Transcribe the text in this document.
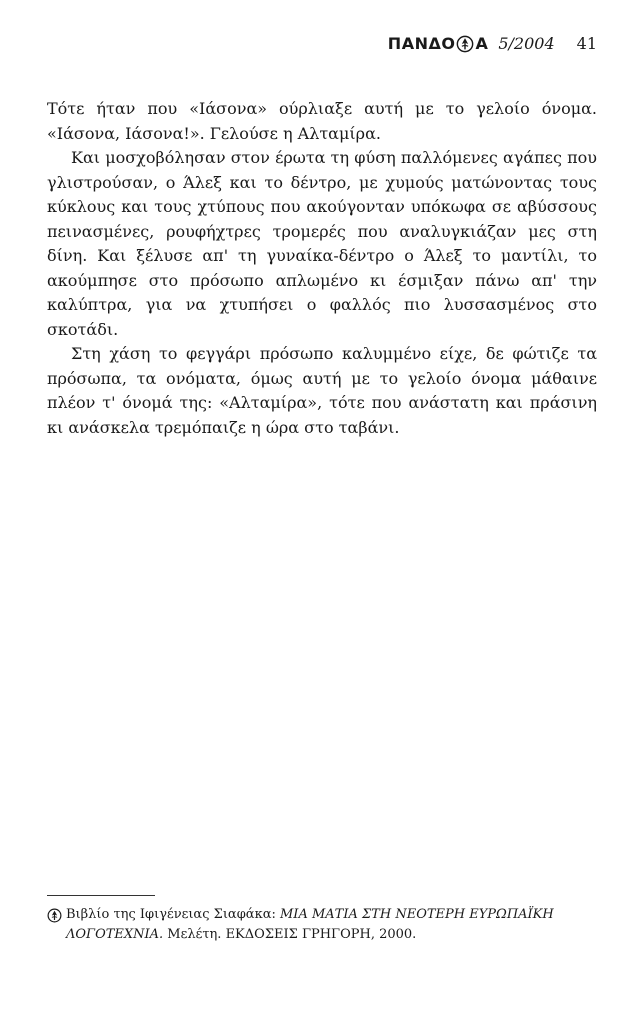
ΠΑΝΔΟ Α 5/2004 41

Τότε ήταν που «Ιάσονα» ούρλιαξε αυτή με το γελοίο όνομα. «Ιάσονα, Ιάσονα!». Γελούσε η Αλταμίρα.

Και μοσχοβόλησαν στον έρωτα τη φύση παλλόμενες αγάπες που γλιστρούσαν, ο Άλεξ και το δέντρο, με χυμούς ματώνοντας τους κύκλους και τους χτύπους που ακούγονταν υπόκωφα σε αβύσσους πεινασμένες, ρουφήχτρες τρομερές που αναλυγκιάζαν μες στη δίνη. Και ξέλυσε απ' τη γυναίκα-δέντρο ο Άλεξ το μαντίλι, το ακούμπησε στο πρόσωπο απλωμένο κι έσμιξαν πάνω απ' την καλύπτρα, για να χτυπήσει ο φαλλός πιο λυσσασμένος στο σκοτάδι.

Στη χάση το φεγγάρι πρόσωπο καλυμμένο είχε, δε φώτιζε τα πρόσωπα, τα ονόματα, όμως αυτή με το γελοίο όνομα μάθαινε πλέον τ' όνομά της: «Αλταμίρα», τότε που ανάστατη και πράσινη κι ανάσκελα τρεμόπαιζε η ώρα στο ταβάνι.

Βιβλίο της Ιφιγένειας Σιαφάκα: ΜΙΑ ΜΑΤΙΑ ΣΤΗ ΝΕΟΤΕΡΗ ΕΥΡΩΠΑΪΚΗ ΛΟΓΟΤΕΧΝΙΑ. Μελέτη. ΕΚΔΟΣΕΙΣ ΓΡΗΓΟΡΗ, 2000.
